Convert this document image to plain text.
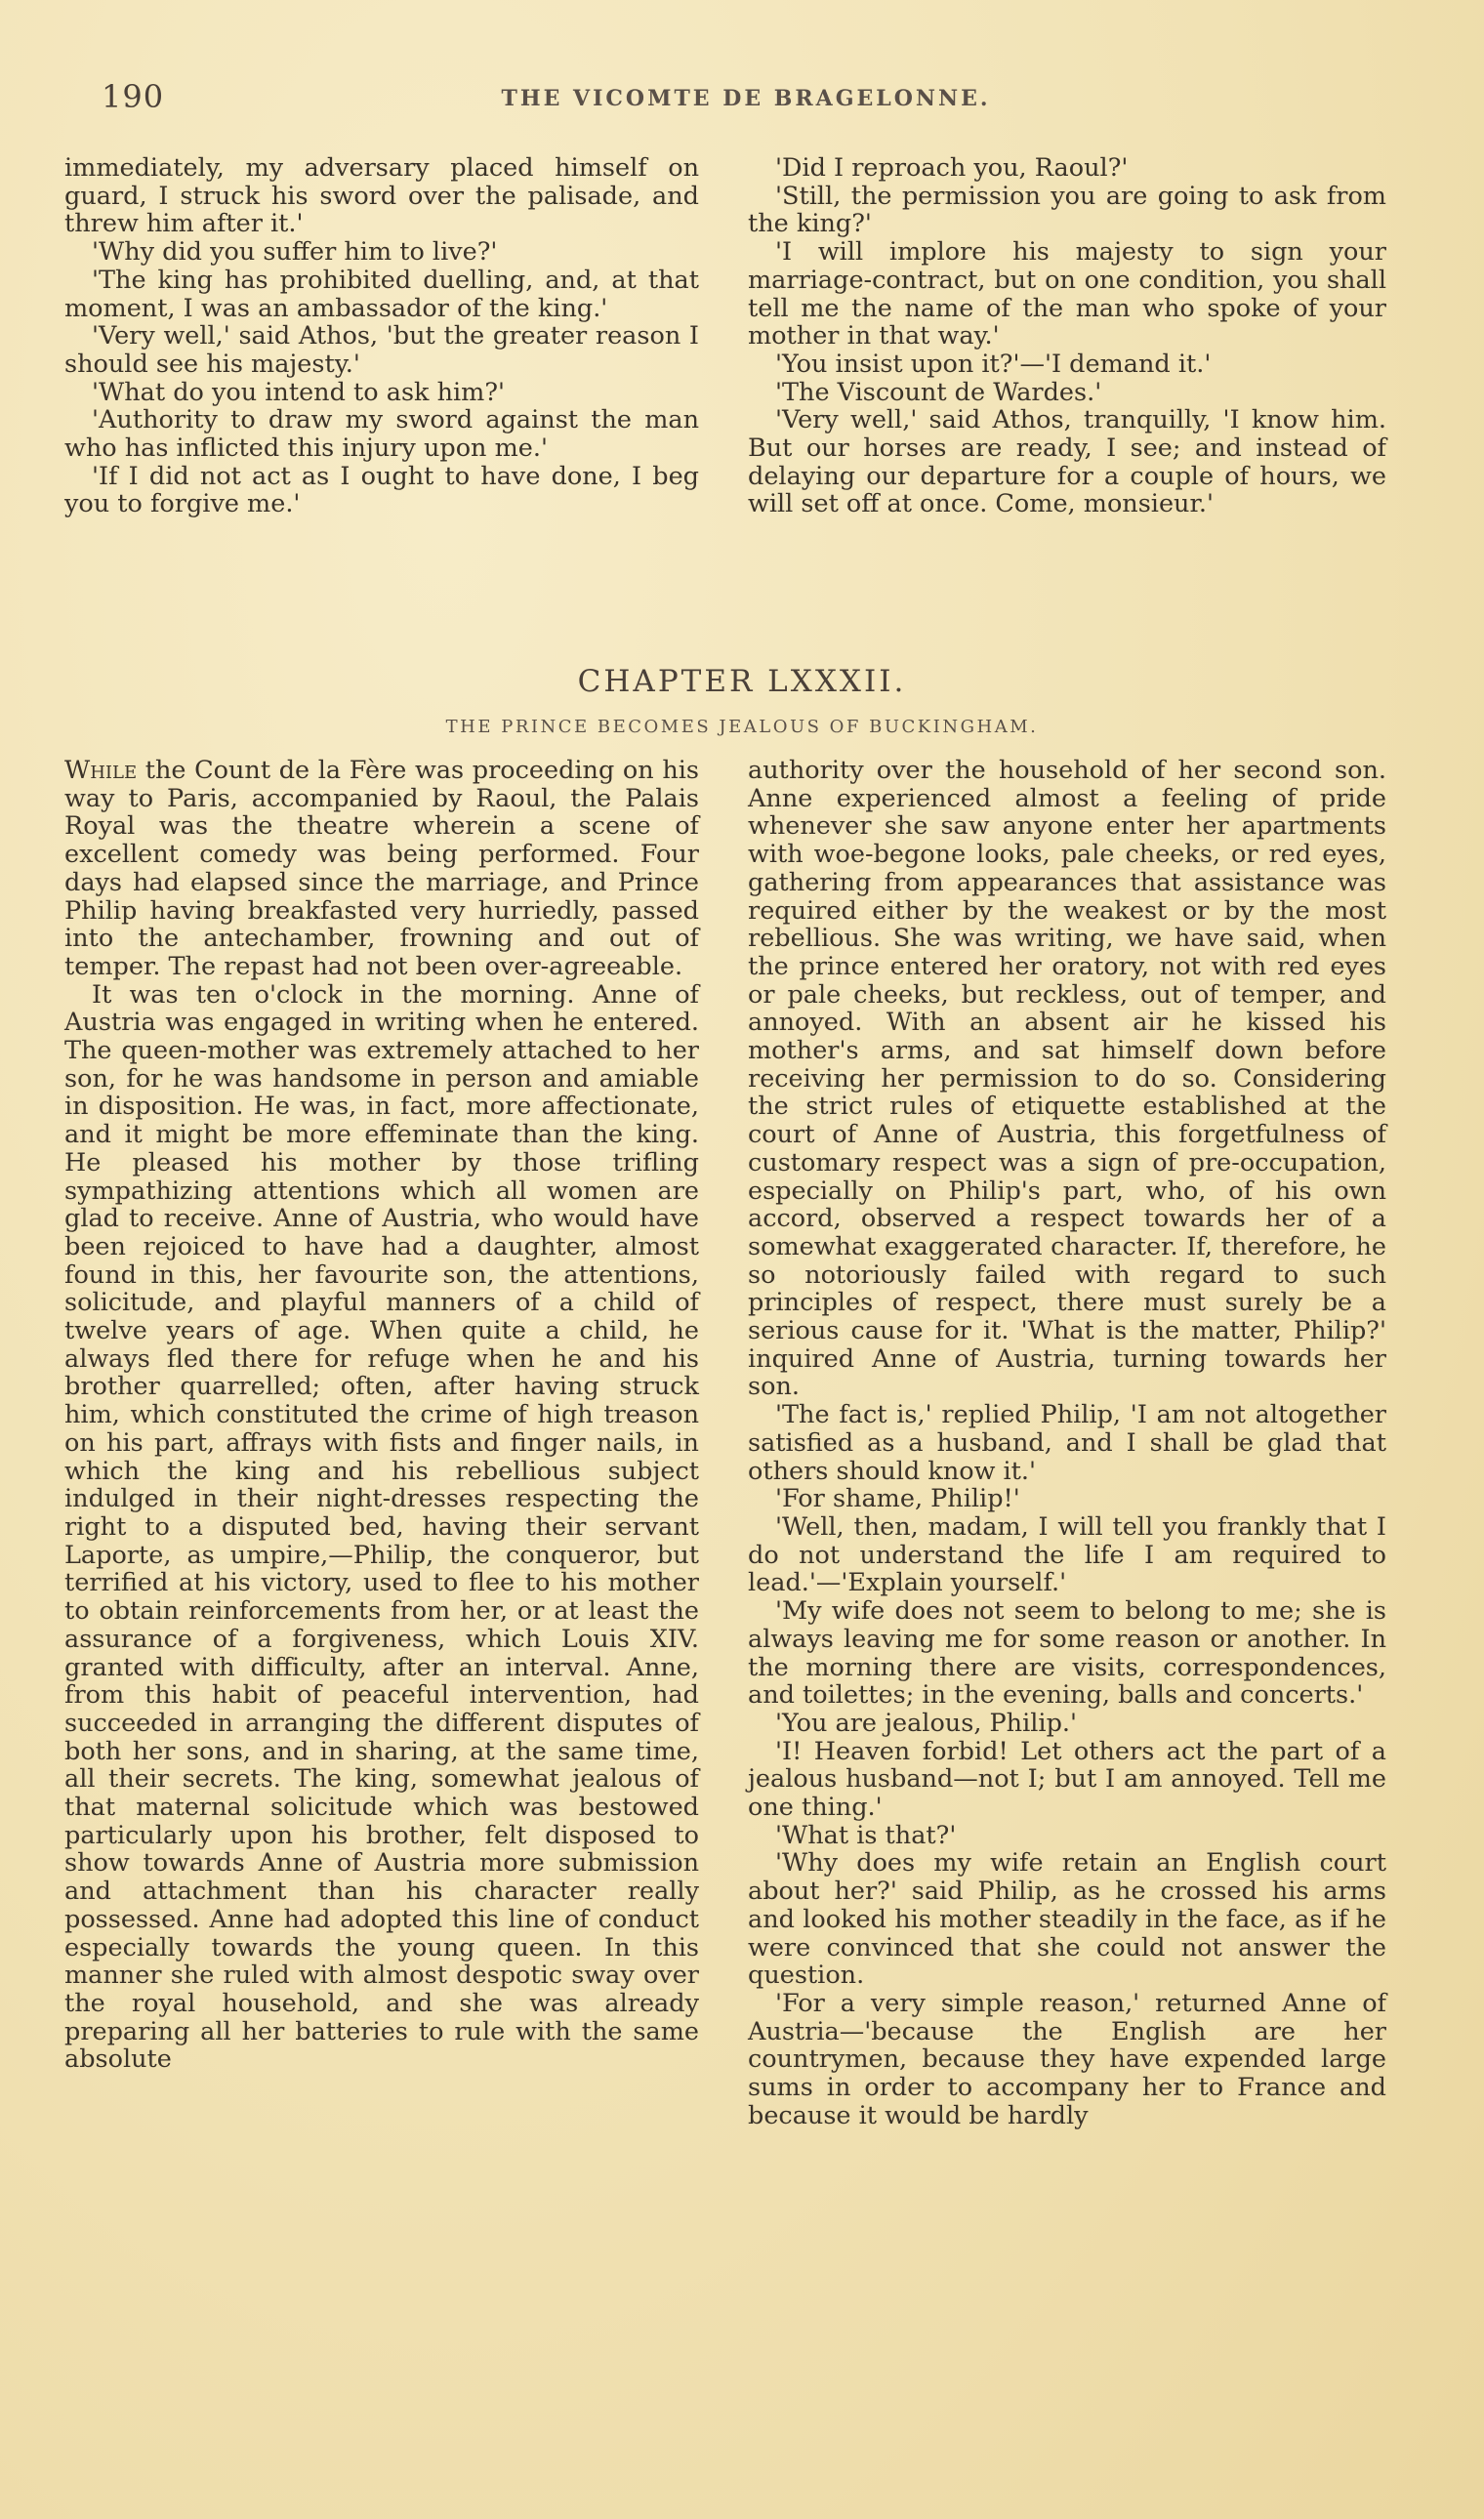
190	THE VICOMTE DE BRAGELONNE.

immediately, my adversary placed himself on guard, I struck his sword over the palisade, and threw him after it.'

'Why did you suffer him to live?'

'The king has prohibited duelling, and, at that moment, I was an ambassador of the king.'

'Very well,' said Athos, 'but the greater reason I should see his majesty.'

'What do you intend to ask him?'

'Authority to draw my sword against the man who has inflicted this injury upon me.'

'If I did not act as I ought to have done, I beg you to forgive me.'

'Did I reproach you, Raoul?'

'Still, the permission you are going to ask from the king?'

'I will implore his majesty to sign your marriage-contract, but on one condition, you shall tell me the name of the man who spoke of your mother in that way.'

'You insist upon it?'—'I demand it.'

'The Viscount de Wardes.'

'Very well,' said Athos, tranquilly, 'I know him. But our horses are ready, I see; and instead of delaying our departure for a couple of hours, we will set off at once. Come, monsieur.'

CHAPTER LXXXII.
THE PRINCE BECOMES JEALOUS OF BUCKINGHAM.

While the Count de la Fère was proceeding on his way to Paris, accompanied by Raoul, the Palais Royal was the theatre wherein a scene of excellent comedy was being performed. Four days had elapsed since the marriage, and Prince Philip having breakfasted very hurriedly, passed into the antechamber, frowning and out of temper. The repast had not been over-agreeable.

It was ten o'clock in the morning. Anne of Austria was engaged in writing when he entered. The queen-mother was extremely attached to her son, for he was handsome in person and amiable in disposition. He was, in fact, more affectionate, and it might be more effeminate than the king. He pleased his mother by those trifling sympathizing attentions which all women are glad to receive. Anne of Austria, who would have been rejoiced to have had a daughter, almost found in this, her favourite son, the attentions, solicitude, and playful manners of a child of twelve years of age. When quite a child, he always fled there for refuge when he and his brother quarrelled; often, after having struck him, which constituted the crime of high treason on his part, affrays with fists and finger nails, in which the king and his rebellious subject indulged in their night-dresses respecting the right to a disputed bed, having their servant Laporte, as umpire,—Philip, the conqueror, but terrified at his victory, used to flee to his mother to obtain reinforcements from her, or at least the assurance of a forgiveness, which Louis XIV. granted with difficulty, after an interval. Anne, from this habit of peaceful intervention, had succeeded in arranging the different disputes of both her sons, and in sharing, at the same time, all their secrets. The king, somewhat jealous of that maternal solicitude which was bestowed particularly upon his brother, felt disposed to show towards Anne of Austria more submission and attachment than his character really possessed. Anne had adopted this line of conduct especially towards the young queen. In this manner she ruled with almost despotic sway over the royal household, and she was already preparing all her batteries to rule with the same absolute

authority over the household of her second son. Anne experienced almost a feeling of pride whenever she saw anyone enter her apartments with woe-begone looks, pale cheeks, or red eyes, gathering from appearances that assistance was required either by the weakest or by the most rebellious. She was writing, we have said, when the prince entered her oratory, not with red eyes or pale cheeks, but reckless, out of temper, and annoyed. With an absent air he kissed his mother's arms, and sat himself down before receiving her permission to do so. Considering the strict rules of etiquette established at the court of Anne of Austria, this forgetfulness of customary respect was a sign of pre-occupation, especially on Philip's part, who, of his own accord, observed a respect towards her of a somewhat exaggerated character. If, therefore, he so notoriously failed with regard to such principles of respect, there must surely be a serious cause for it. 'What is the matter, Philip?' inquired Anne of Austria, turning towards her son.

'The fact is,' replied Philip, 'I am not altogether satisfied as a husband, and I shall be glad that others should know it.'

'For shame, Philip!'

'Well, then, madam, I will tell you frankly that I do not understand the life I am required to lead.'—'Explain yourself.'

'My wife does not seem to belong to me; she is always leaving me for some reason or another. In the morning there are visits, correspondences, and toilettes; in the evening, balls and concerts.'

'You are jealous, Philip.'

'I! Heaven forbid! Let others act the part of a jealous husband—not I; but I am annoyed. Tell me one thing.'

'What is that?'

'Why does my wife retain an English court about her?' said Philip, as he crossed his arms and looked his mother steadily in the face, as if he were convinced that she could not answer the question.

'For a very simple reason,' returned Anne of Austria—'because the English are her countrymen, because they have expended large sums in order to accompany her to France and because it would be hardly
